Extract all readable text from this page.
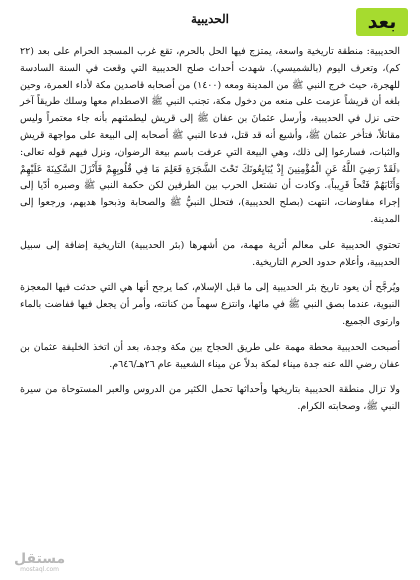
بعد
الحديبية

الحديبية: منطقة تاريخية واسعة، يمتزج فيها الحل بالحرم، تقع غرب المسجد الحرام على بعد (٢٢ كم)، وتعرف اليوم (بالشميسي). شهدت أحداث صلح الحديبية التي وقعت في السنة السادسة للهجرة، حيث خرج النبي ﷺ من المدينة ومعه (١٤٠٠) من أصحابه قاصدين مكة لأداء العمرة، وحين بلغه أن قريشاً عزمت على منعه من دخول مكة، تجنب النبي ﷺ الاصطدام معها وسلك طريقاً آخر حتى نزل في الحديبية، وأرسل عثمانَ بن عفان ﷺ إلى قريش ليطمئنهم بأنه جاء معتمراً وليس مقاتلاً، فتأخر عثمان ﷺ، وأشيع أنه قد قتل، فدعا النبي ﷺ أصحابه إلى البيعة على مواجهة قريش والثبات، فسارعوا إلى ذلك، وهي البيعة التي عرفت باسم بيعة الرضوان، ونزل فيهم قوله تعالى: ﴿لَقَدْ رَضِيَ اللَّهُ عَنِ الْمُؤْمِنِينَ إِذْ يُبَايِعُونَكَ تَحْتَ الشَّجَرَةِ فَعَلِمَ مَا فِي قُلُوبِهِمْ فَأَنْزَلَ السَّكِينَةَ عَلَيْهِمْ وَأَثَابَهُمْ فَتْحاً قَرِيباً﴾. وكادت أن تشتعل الحرب بين الطرفين لكن حكمة النبي ﷺ وصبره أدّيا إلى إجراء مفاوضات، انتهت (بصلح الحديبية)، فتحلل النبيُّ ﷺ والصحابة وذبحوا هديهم، ورجعوا إلى المدينة.

تحتوي الحديبية على معالم أثرية مهمة، من أشهرها (بئر الحديبية) التاريخية إضافة إلى سبيل الحديبية، وأعلام حدود الحرم التاريخية.

ويُرجَّح أن يعود تاريخ بئر الحديبية إلى ما قبل الإسلام، كما يرجح أنها هي التي حدثت فيها المعجزة النبوية، عندما بصق النبي ﷺ في مائها، وانتزع سهماً من كنانته، وأمر أن يجعل فيها ففاضت بالماء وارتوى الجميع.

أصبحت الحديبية محطة مهمة على طريق الحجاج بين مكة وجدة، بعد أن اتخذ الخليفة عثمان بن عفان رضي الله عنه جدة ميناء لمكة بدلاً عن ميناء الشعيبة عام ٢٦هـ/٦٤٦م.

ولا تزال منطقة الحديبية بتاريخها وأحداثها تحمل الكثير من الدروس والعبر المستوحاة من سيرة النبي ﷺ، وصحابته الكرام.

مستقل
mostaql.com
